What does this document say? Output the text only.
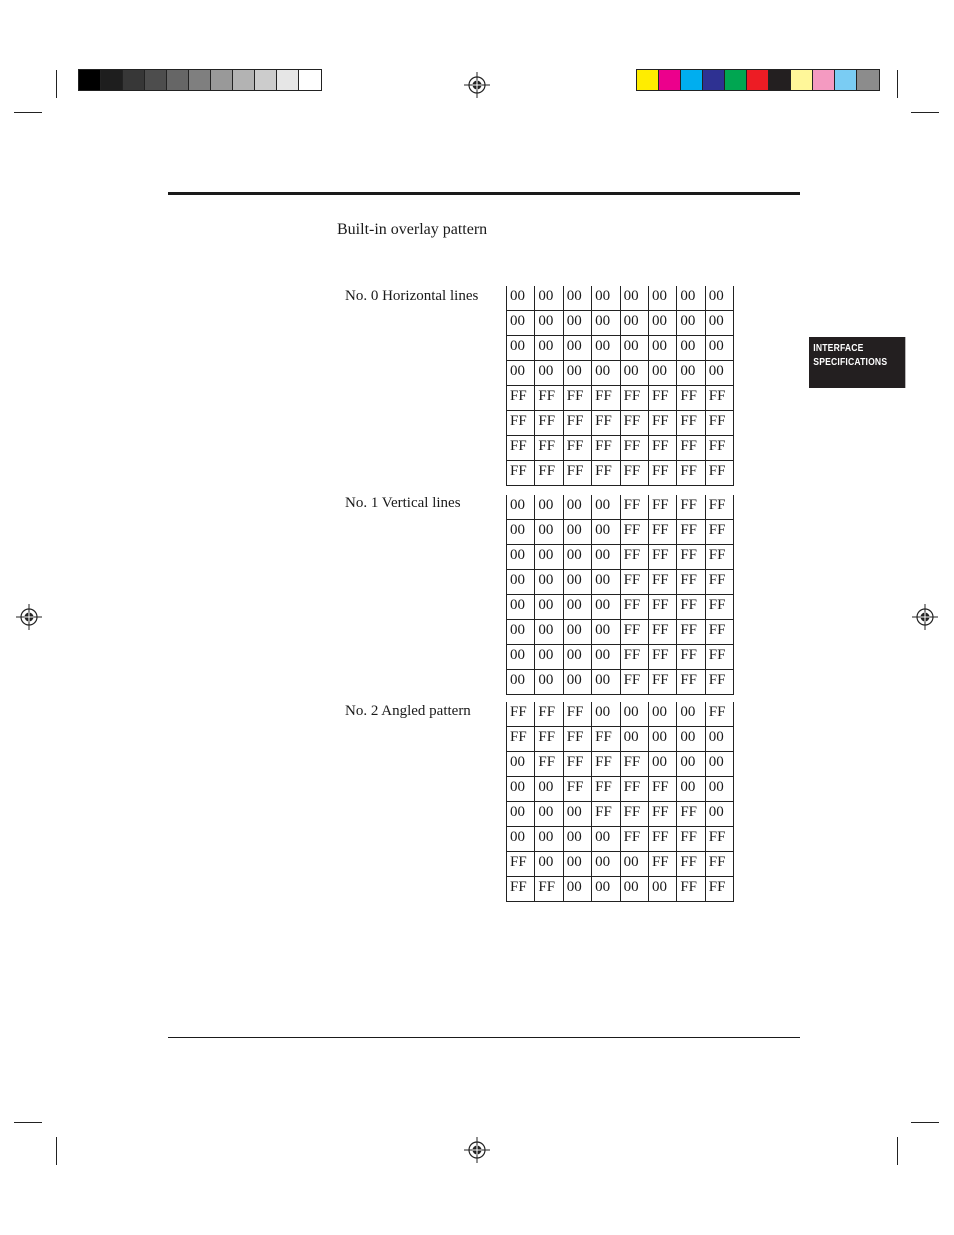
Built-in overlay pattern
INTERFACE
SPECIFICATIONS
No. 0 Horizontal lines
No. 1 Vertical lines
No. 2 Angled pattern
00	00	00	00	00	00	00	00
00	00	00	00	00	00	00	00
00	00	00	00	00	00	00	00
00	00	00	00	00	00	00	00
FF	FF	FF	FF	FF	FF	FF	FF
FF	FF	FF	FF	FF	FF	FF	FF
FF	FF	FF	FF	FF	FF	FF	FF
FF	FF	FF	FF	FF	FF	FF	FF
00	00	00	00	FF	FF	FF	FF
00	00	00	00	FF	FF	FF	FF
00	00	00	00	FF	FF	FF	FF
00	00	00	00	FF	FF	FF	FF
00	00	00	00	FF	FF	FF	FF
00	00	00	00	FF	FF	FF	FF
00	00	00	00	FF	FF	FF	FF
00	00	00	00	FF	FF	FF	FF
FF	FF	FF	00	00	00	00	FF
FF	FF	FF	FF	00	00	00	00
00	FF	FF	FF	FF	00	00	00
00	00	FF	FF	FF	FF	00	00
00	00	00	FF	FF	FF	FF	00
00	00	00	00	FF	FF	FF	FF
FF	00	00	00	00	FF	FF	FF
FF	FF	00	00	00	00	FF	FF
